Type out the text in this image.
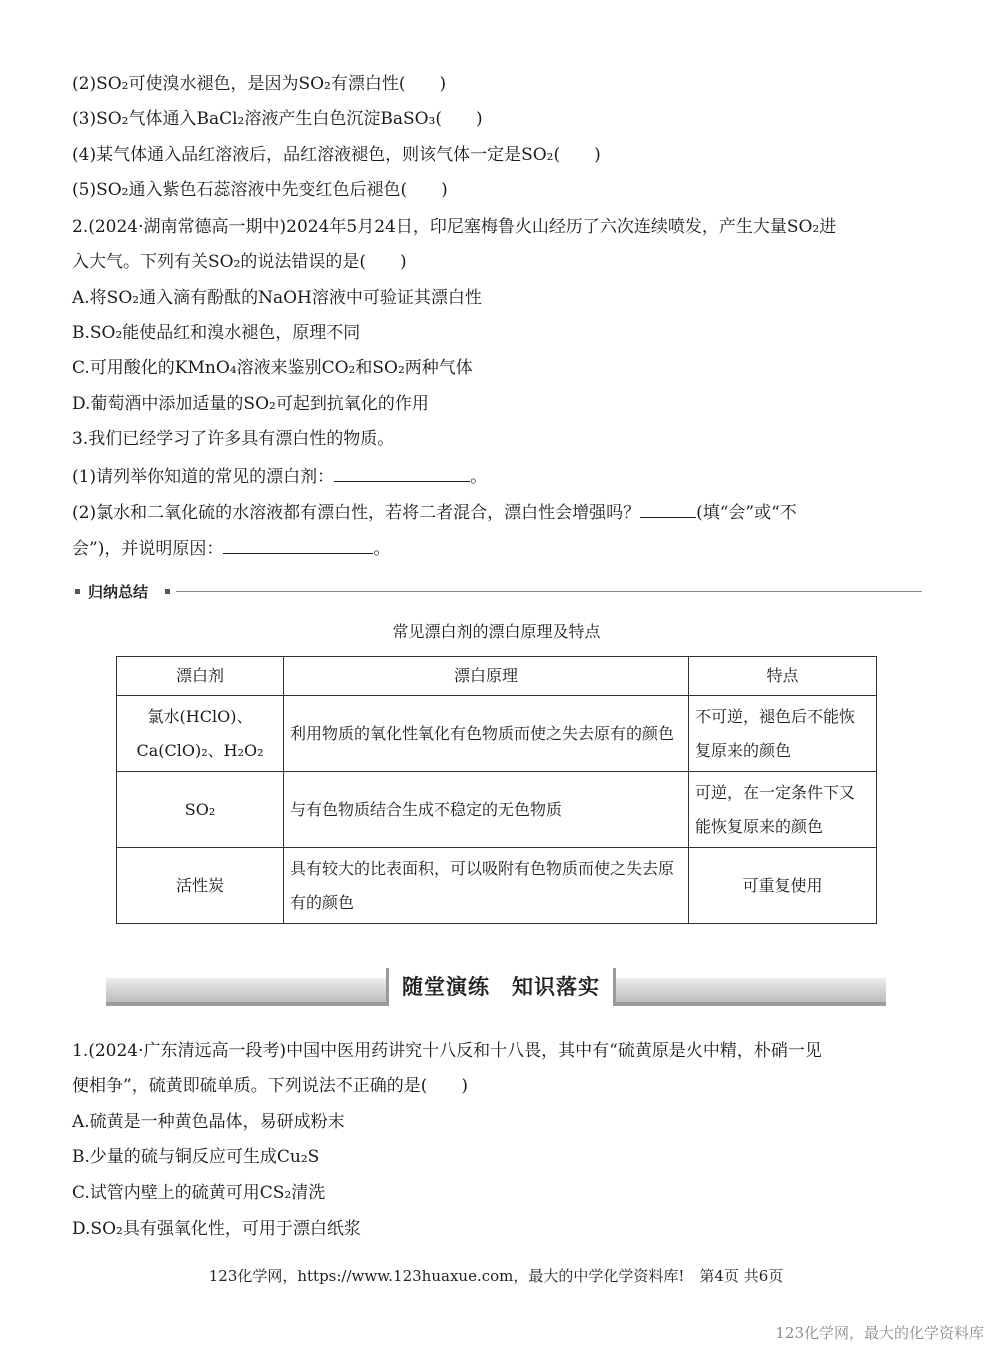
(2)SO₂可使溴水褪色，是因为SO₂有漂白性(　　)
(3)SO₂气体通入BaCl₂溶液产生白色沉淀BaSO₃(　　)
(4)某气体通入品红溶液后，品红溶液褪色，则该气体一定是SO₂(　　)
(5)SO₂通入紫色石蕊溶液中先变红色后褪色(　　)
2.(2024·湖南常德高一期中)2024年5月24日，印尼塞梅鲁火山经历了六次连续喷发，产生大量SO₂进
入大气。下列有关SO₂的说法错误的是(　　)
A.将SO₂通入滴有酚酞的NaOH溶液中可验证其漂白性
B.SO₂能使品红和溴水褪色，原理不同
C.可用酸化的KMnO₄溶液来鉴别CO₂和SO₂两种气体
D.葡萄酒中添加适量的SO₂可起到抗氧化的作用
3.我们已经学习了许多具有漂白性的物质。
(1)请列举你知道的常见的漂白剂：	。
(2)氯水和二氧化硫的水溶液都有漂白性，若将二者混合，漂白性会增强吗？	(填“会”或“不
会”)，并说明原因：	。
归纳总结
常见漂白剂的漂白原理及特点
漂白剂	漂白原理	特点

氯水(HClO)、
Ca(ClO)₂、H₂O₂	利用物质的氧化性氧化有色物质而使之失去原有的颜色	不可逆，褪色后不能恢复原来的颜色
SO₂	与有色物质结合生成不稳定的无色物质	可逆，在一定条件下又能恢复原来的颜色
活性炭	具有较大的比表面积，可以吸附有色物质而使之失去原有的颜色	可重复使用
随堂演练　知识落实
1.(2024·广东清远高一段考)中国中医用药讲究十八反和十八畏，其中有“硫黄原是火中精，朴硝一见
便相争”，硫黄即硫单质。下列说法不正确的是(　　)
A.硫黄是一种黄色晶体，易研成粉末
B.少量的硫与铜反应可生成Cu₂S
C.试管内壁上的硫黄可用CS₂清洗
D.SO₂具有强氧化性，可用于漂白纸浆
123化学网，https://www.123huaxue.com，最大的中学化学资料库!　第4页 共6页
123化学网，最大的化学资料库
